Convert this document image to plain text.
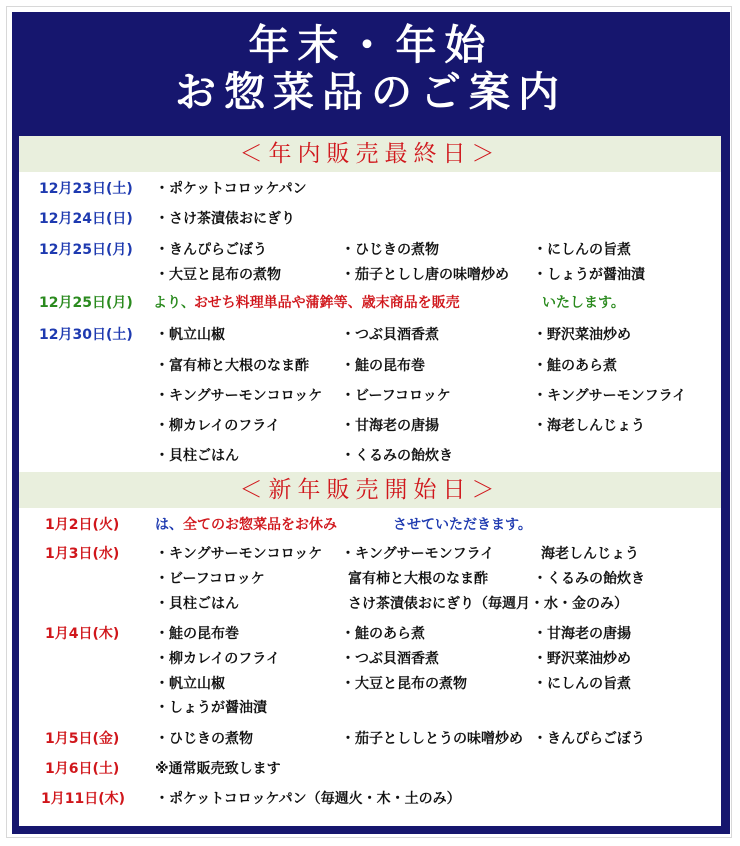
年末・年始
お惣菜品のご案内
＜年内販売最終日＞
12月23日(土) ・ポケットコロッケパン
12月24日(日) ・さけ茶漬俵おにぎり
12月25日(月) ・きんぴらごぼう	・ひじきの煮物	・にしんの旨煮
・大豆と昆布の煮物	・茄子としし唐の味噌炒め ・しょうが醤油漬
12月25日(月) より、 おせち料理単品や蒲鉾等、歳末商品を販売	いたします。
12月30日(土) ・帆立山椒	・つぶ貝酒香煮	・野沢菜油炒め
・富有柿と大根のなま酢 ・鮭の昆布巻	・鮭のあら煮
・キングサーモンコロッケ ・ビーフコロッケ	・キングサーモンフライ
・柳カレイのフライ	・甘海老の唐揚	・海老しんじょう
・貝柱ごはん	・くるみの飴炊き
＜新年販売開始日＞
1月2日(火)	は、 全てのお惣菜品をお休み	させていただきます。
1月3日(水)	・キングサーモンコロッケ ・キングサーモンフライ	海老しんじょう
・ビーフコロッケ	富有柿と大根のなま酢	・くるみの飴炊き
・貝柱ごはん	さけ茶漬俵おにぎり（毎週月・水・金のみ）
1月4日(木)	・鮭の昆布巻	・鮭のあら煮	・甘海老の唐揚
・柳カレイのフライ	・つぶ貝酒香煮	・野沢菜油炒め
・帆立山椒	・大豆と昆布の煮物	・にしんの旨煮
・しょうが醤油漬
1月5日(金)	・ひじきの煮物	・茄子とししとうの味噌炒め ・きんぴらごぼう
1月6日(土)	※通常販売致します
1月11日(木) ・ポケットコロッケパン（毎週火・木・土のみ）
